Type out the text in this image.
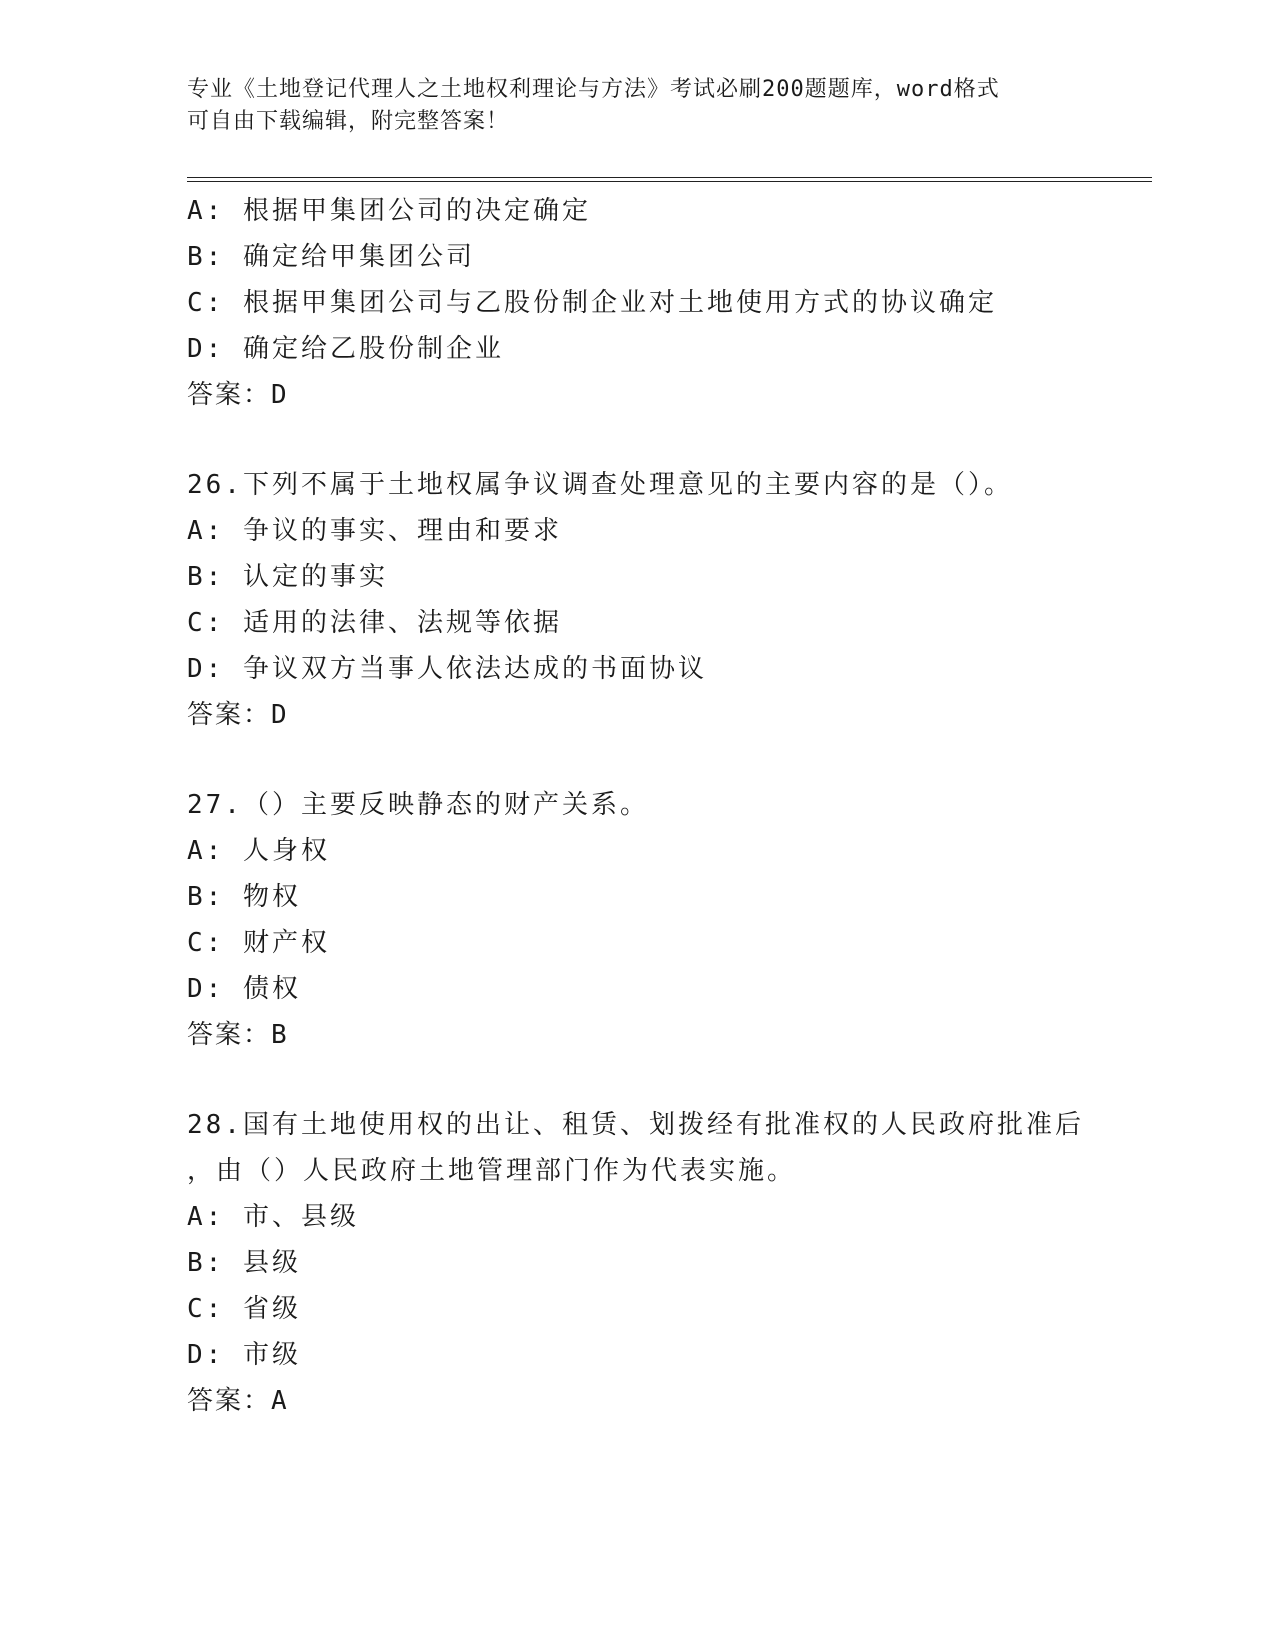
专业《土地登记代理人之土地权利理论与方法》考试必刷200题题库，word格式
可自由下载编辑，附完整答案！
A: 根据甲集团公司的决定确定
B: 确定给甲集团公司
C: 根据甲集团公司与乙股份制企业对土地使用方式的协议确定
D: 确定给乙股份制企业
答案：D
26.下列不属于土地权属争议调查处理意见的主要内容的是（）。
A: 争议的事实、理由和要求
B: 认定的事实
C: 适用的法律、法规等依据
D: 争议双方当事人依法达成的书面协议
答案：D
27.（）主要反映静态的财产关系。
A: 人身权
B: 物权
C: 财产权
D: 债权
答案：B
28.国有土地使用权的出让、租赁、划拨经有批准权的人民政府批准后
，由（）人民政府土地管理部门作为代表实施。
A: 市、县级
B: 县级
C: 省级
D: 市级
答案：A
